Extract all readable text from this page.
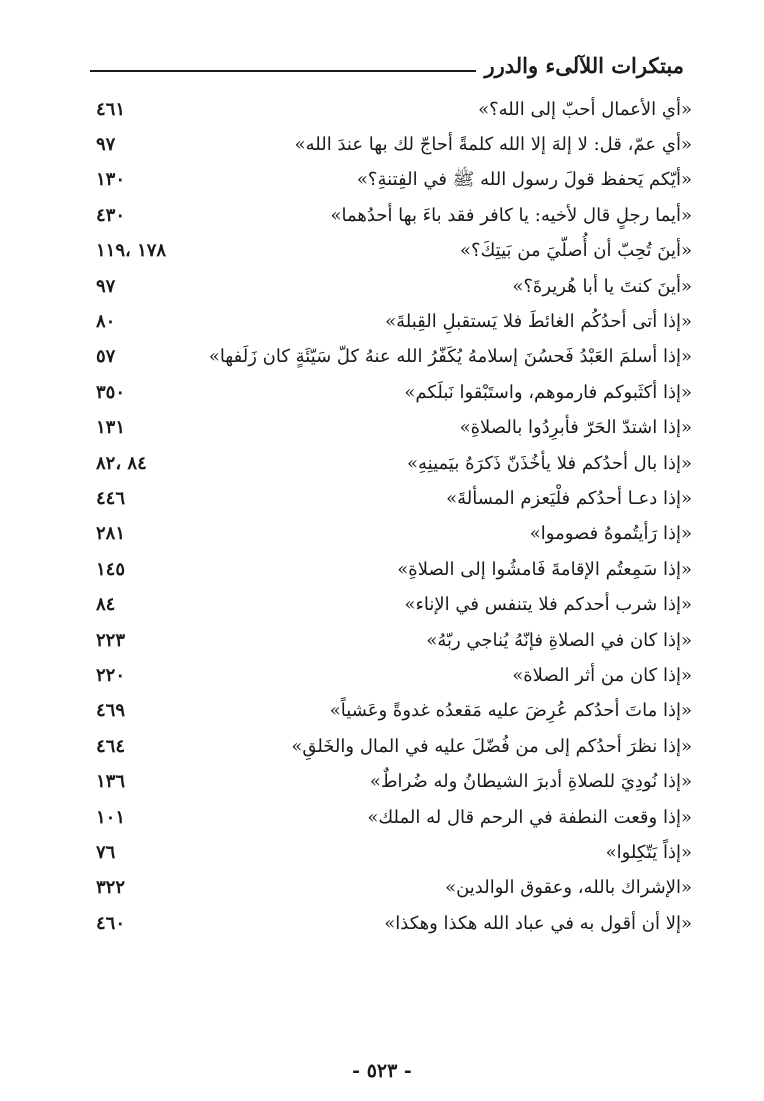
مبتكرات اللآلىء والدرر
«أي الأعمال أحبّ إلى الله؟»
٤٦١
«أي عمّ، قل: لا إلهَ إلا الله كلمةً أحاجّ لك بها عندَ الله»
٩٧
«أيّكم يَحفظ قولَ رسول الله ﷺ في الفِتنةِ؟»
١٣٠
«أيما رجلٍ قال لأخيه: يا كافر فقد باءَ بها أحدُهما»
٤٣٠
«أينَ تُحِبّ أن أُصلّيَ من بَيتِكَ؟»
١٧٨ ،١١٩
«أينَ كنتَ يا أبا هُريرةَ؟»
٩٧
«إذا أتى أحدُكُم الغائطَ فلا يَستقبلِ القِبلةَ»
٨٠
«إذا أسلمَ العَبْدُ فَحسُنَ إسلامهُ يُكَفّرُ الله عنهُ كلّ سَيّئَةٍ كان زَلَفها»
٥٧
«إذا أكثَبوكم فارموهم، واستَبْقوا نَبلَكم»
٣٥٠
«إذا اشتدّ الحَرّ فأبرِدُوا بالصلاةِ»
١٣١
«إذا بال أحدُكم فلا يأخُذَنّ ذَكرَهُ بيَمينِهِ»
٨٤ ،٨٢
«إذا دعـا أحدُكم فلْيَعزم المسألةَ»
٤٤٦
«إذا رَأيتُموهُ فصوموا»
٢٨١
«إذا سَمِعتُم الإقامةَ فَامشُوا إلى الصلاةِ»
١٤٥
«إذا شرب أحدكم فلا يتنفس في الإناء»
٨٤
«إذا كان في الصلاةِ فإنّهُ يُناجي ربّهُ»
٢٢٣
«إذا كان من أثر الصلاة»
٢٢٠
«إذا ماتَ أحدُكم عُرِضَ عليه مَقعدُه غدوةً وعَشياً»
٤٦٩
«إذا نظرَ أحدُكم إلى من فُضّلَ عليه في المال والخَلقِ»
٤٦٤
«إذا نُودِيَ للصلاةِ أدبرَ الشيطانُ وله ضُراطٌ»
١٣٦
«إذا وقعت النطفة في الرحم قال له الملك»
١٠١
«إذاً يَتّكِلوا»
٧٦
«الإشراك بالله، وعقوق الوالدين»
٣٢٢
«إلا أن أقول به في عباد الله هكذا وهكذا»
٤٦٠
- ٥٢٣ -
